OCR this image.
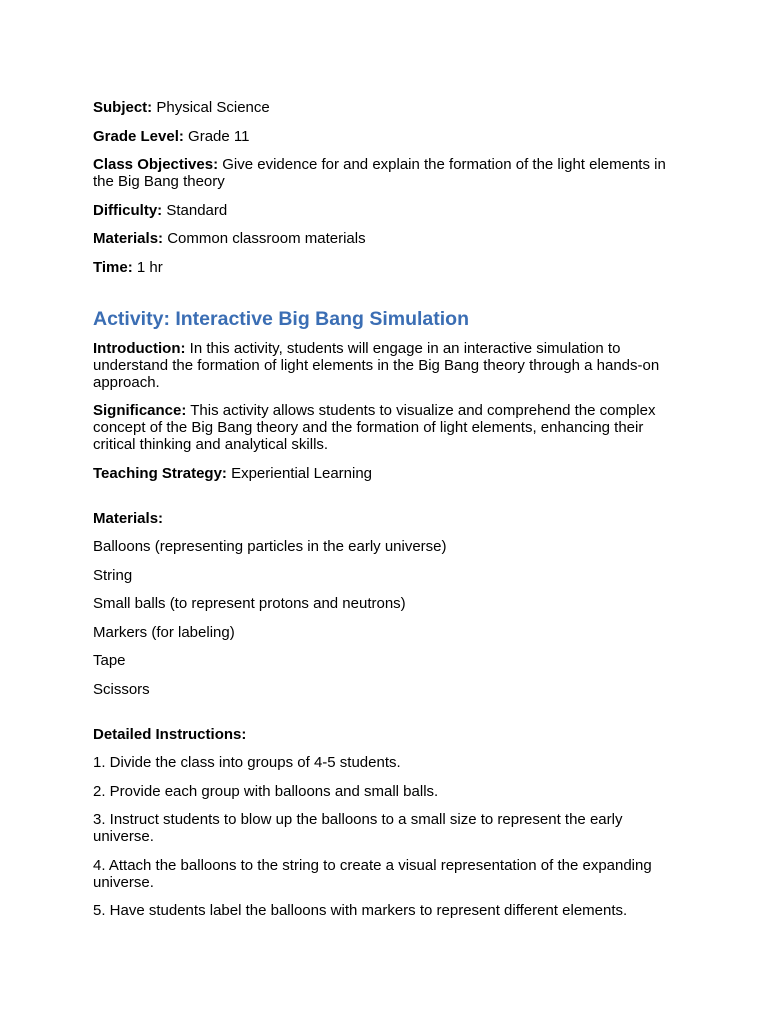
Subject: Physical Science

Grade Level: Grade 11

Class Objectives: Give evidence for and explain the formation of the light elements in the Big Bang theory

Difficulty: Standard

Materials: Common classroom materials

Time: 1 hr

Activity: Interactive Big Bang Simulation

Introduction: In this activity, students will engage in an interactive simulation to understand the formation of light elements in the Big Bang theory through a hands-on approach.

Significance: This activity allows students to visualize and comprehend the complex concept of the Big Bang theory and the formation of light elements, enhancing their critical thinking and analytical skills.

Teaching Strategy: Experiential Learning

Materials:

Balloons (representing particles in the early universe)

String

Small balls (to represent protons and neutrons)

Markers (for labeling)

Tape

Scissors

Detailed Instructions:

1. Divide the class into groups of 4-5 students.

2. Provide each group with balloons and small balls.

3. Instruct students to blow up the balloons to a small size to represent the early universe.

4. Attach the balloons to the string to create a visual representation of the expanding universe.

5. Have students label the balloons with markers to represent different elements.
